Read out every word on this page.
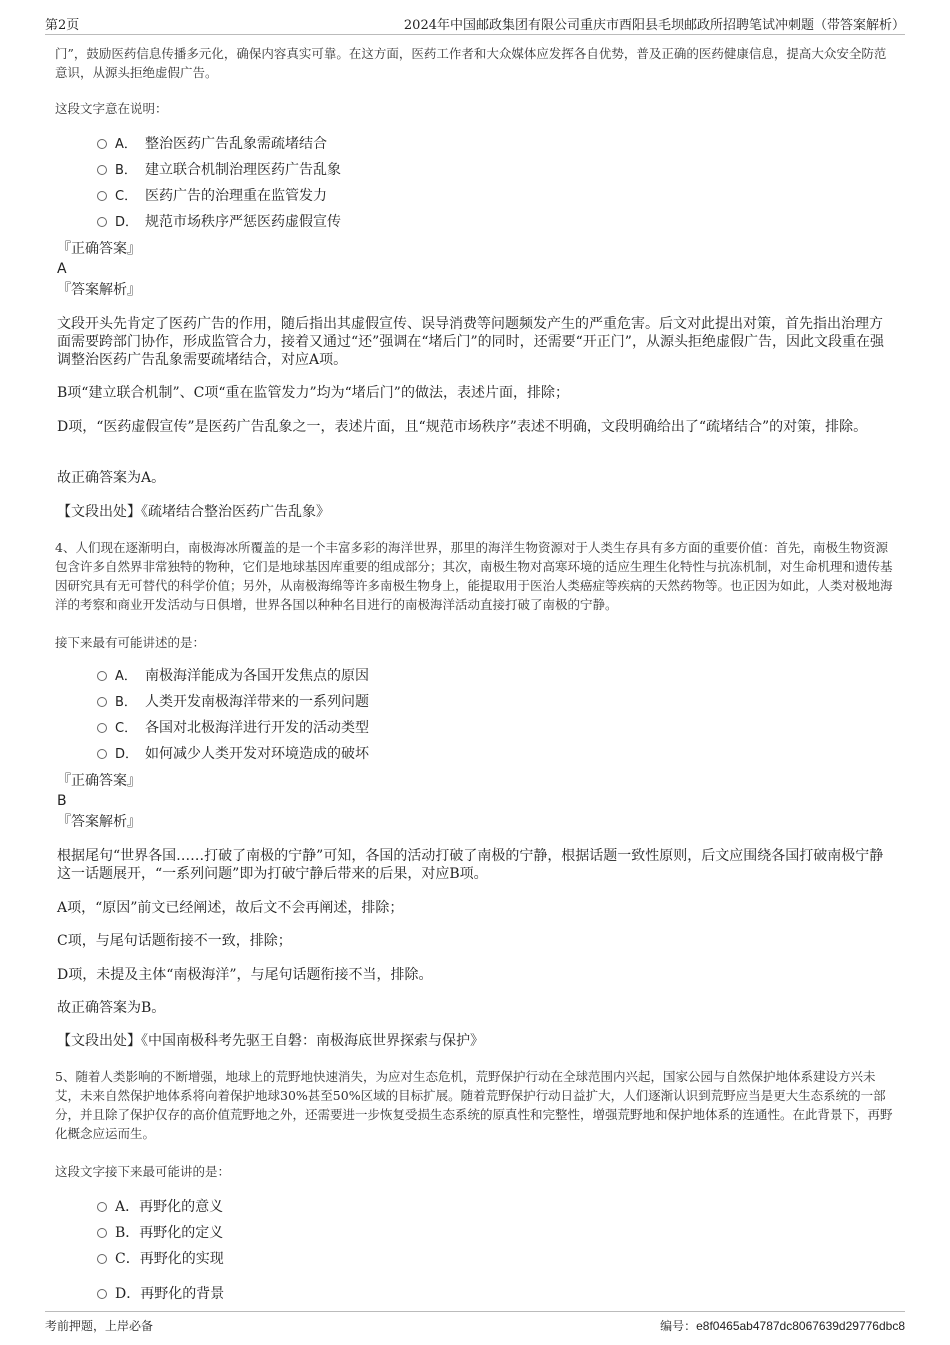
第2页	2024年中国邮政集团有限公司重庆市酉阳县毛坝邮政所招聘笔试冲刺题（带答案解析）

门”，鼓励医药信息传播多元化，确保内容真实可靠。在这方面，医药工作者和大众媒体应发挥各自优势，普及正确的医药健康信息，提高大众安全防范意识，从源头拒绝虚假广告。

这段文字意在说明：

A． 整治医药广告乱象需疏堵结合
B． 建立联合机制治理医药广告乱象
C． 医药广告的治理重在监管发力
D． 规范市场秩序严惩医药虚假宣传
『正确答案』
A
『答案解析』

文段开头先肯定了医药广告的作用，随后指出其虚假宣传、误导消费等问题频发产生的严重危害。后文对此提出对策，首先指出治理方面需要跨部门协作，形成监管合力，接着又通过“还”强调在“堵后门”的同时，还需要“开正门”，从源头拒绝虚假广告，因此文段重在强调整治医药广告乱象需要疏堵结合，对应A项。

B项“建立联合机制”、C项“重在监管发力”均为“堵后门”的做法，表述片面，排除；

D项，“医药虚假宣传”是医药广告乱象之一，表述片面，且“规范市场秩序”表述不明确，文段明确给出了“疏堵结合”的对策，排除。

故正确答案为A。

【文段出处】《疏堵结合整治医药广告乱象》

4、人们现在逐渐明白，南极海冰所覆盖的是一个丰富多彩的海洋世界，那里的海洋生物资源对于人类生存具有多方面的重要价值：首先，南极生物资源包含许多自然界非常独特的物种，它们是地球基因库重要的组成部分；其次，南极生物对高寒环境的适应生理生化特性与抗冻机制，对生命机理和遗传基因研究具有无可替代的科学价值；另外，从南极海绵等许多南极生物身上，能提取用于医治人类癌症等疾病的天然药物等。也正因为如此，人类对极地海洋的考察和商业开发活动与日俱增，世界各国以种种名目进行的南极海洋活动直接打破了南极的宁静。

接下来最有可能讲述的是：

A． 南极海洋能成为各国开发焦点的原因
B． 人类开发南极海洋带来的一系列问题
C． 各国对北极海洋进行开发的活动类型
D． 如何减少人类开发对环境造成的破坏
『正确答案』
B
『答案解析』

根据尾句“世界各国……打破了南极的宁静”可知，各国的活动打破了南极的宁静，根据话题一致性原则，后文应围绕各国打破南极宁静这一话题展开，“一系列问题”即为打破宁静后带来的后果，对应B项。

A项，“原因”前文已经阐述，故后文不会再阐述，排除；

C项，与尾句话题衔接不一致，排除；

D项，未提及主体“南极海洋”，与尾句话题衔接不当，排除。

故正确答案为B。

【文段出处】《中国南极科考先驱王自磐：南极海底世界探索与保护》

5、随着人类影响的不断增强，地球上的荒野地快速消失，为应对生态危机，荒野保护行动在全球范围内兴起，国家公园与自然保护地体系建设方兴未艾，未来自然保护地体系将向着保护地球30%甚至50%区域的目标扩展。随着荒野保护行动日益扩大，人们逐渐认识到荒野应当是更大生态系统的一部分，并且除了保护仅存的高价值荒野地之外，还需要进一步恢复受损生态系统的原真性和完整性，增强荒野地和保护地体系的连通性。在此背景下，再野化概念应运而生。

这段文字接下来最可能讲的是：

A．再野化的意义
B．再野化的定义
C．再野化的实现
D．再野化的背景
考前押题，上岸必备	编号：e8f0465ab4787dc8067639d29776dbc8
